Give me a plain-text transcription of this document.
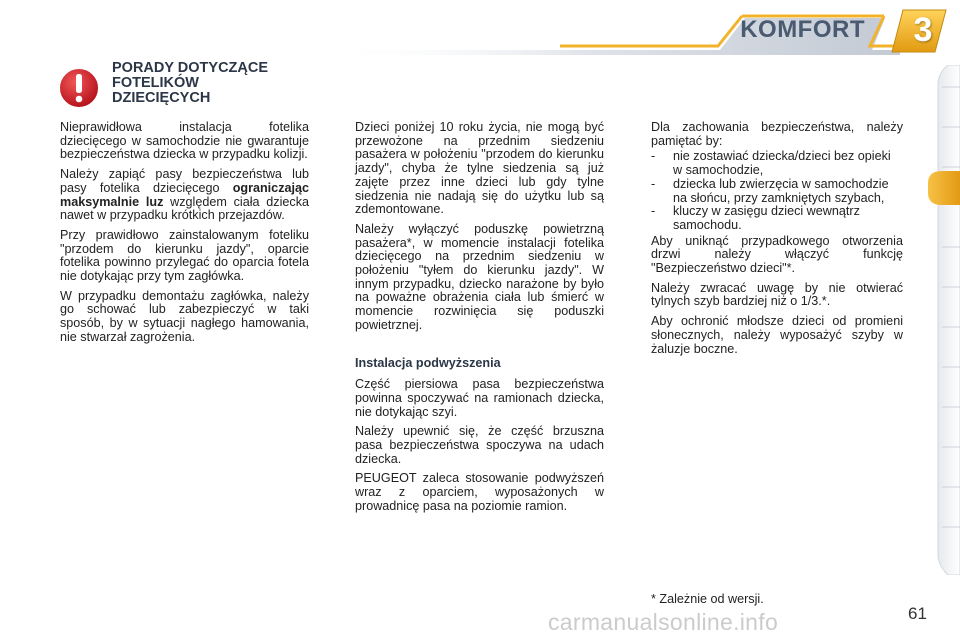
KOMFORT	3
PORADY DOTYCZĄCE
FOTELIKÓW
DZIECIĘCYCH

Nieprawidłowa instalacja fotelika dziecięcego w samochodzie nie gwarantuje bezpieczeństwa dziecka w przypadku kolizji.

Należy zapiąć pasy bezpieczeństwa lub pasy fotelika dziecięcego ograniczając maksymalnie luz względem ciała dziecka nawet w przypadku krótkich przejazdów.

Przy prawidłowo zainstalowanym foteliku "przodem do kierunku jazdy", oparcie fotelika powinno przylegać do oparcia fotela nie dotykając przy tym zagłówka.

W przypadku demontażu zagłówka, należy go schować lub zabezpieczyć w taki sposób, by w sytuacji nagłego hamowania, nie stwarzał zagrożenia.

Dzieci poniżej 10 roku życia, nie mogą być przewożone na przednim siedzeniu pasażera w położeniu "przodem do kierunku jazdy", chyba że tylne siedzenia są już zajęte przez inne dzieci lub gdy tylne siedzenia nie nadają się do użytku lub są zdemontowane.

Należy wyłączyć poduszkę powietrzną pasażera*, w momencie instalacji fotelika dziecięcego na przednim siedzeniu w położeniu "tyłem do kierunku jazdy". W innym przypadku, dziecko narażone by było na poważne obrażenia ciała lub śmierć w momencie rozwinięcia się poduszki powietrznej.

Instalacja podwyższenia

Część piersiowa pasa bezpieczeństwa powinna spoczywać na ramionach dziecka, nie dotykając szyi.

Należy upewnić się, że część brzuszna pasa bezpieczeństwa spoczywa na udach dziecka.

PEUGEOT zaleca stosowanie podwyższeń wraz z oparciem, wyposażonych w prowadnicę pasa na poziomie ramion.

Dla zachowania bezpieczeństwa, należy pamiętać by:

- nie zostawiać dziecka/dzieci bez opieki w samochodzie,
- dziecka lub zwierzęcia w samochodzie na słońcu, przy zamkniętych szybach,
- kluczy w zasięgu dzieci wewnątrz samochodu.

Aby uniknąć przypadkowego otworzenia drzwi należy włączyć funkcję "Bezpieczeństwo dzieci"*.

Należy zwracać uwagę by nie otwierać tylnych szyb bardziej niż o 1/3.*.

Aby ochronić młodsze dzieci od promieni słonecznych, należy wyposażyć szyby w żaluzje boczne.

* Zależnie od wersji.
carmanualsonline.info	61
